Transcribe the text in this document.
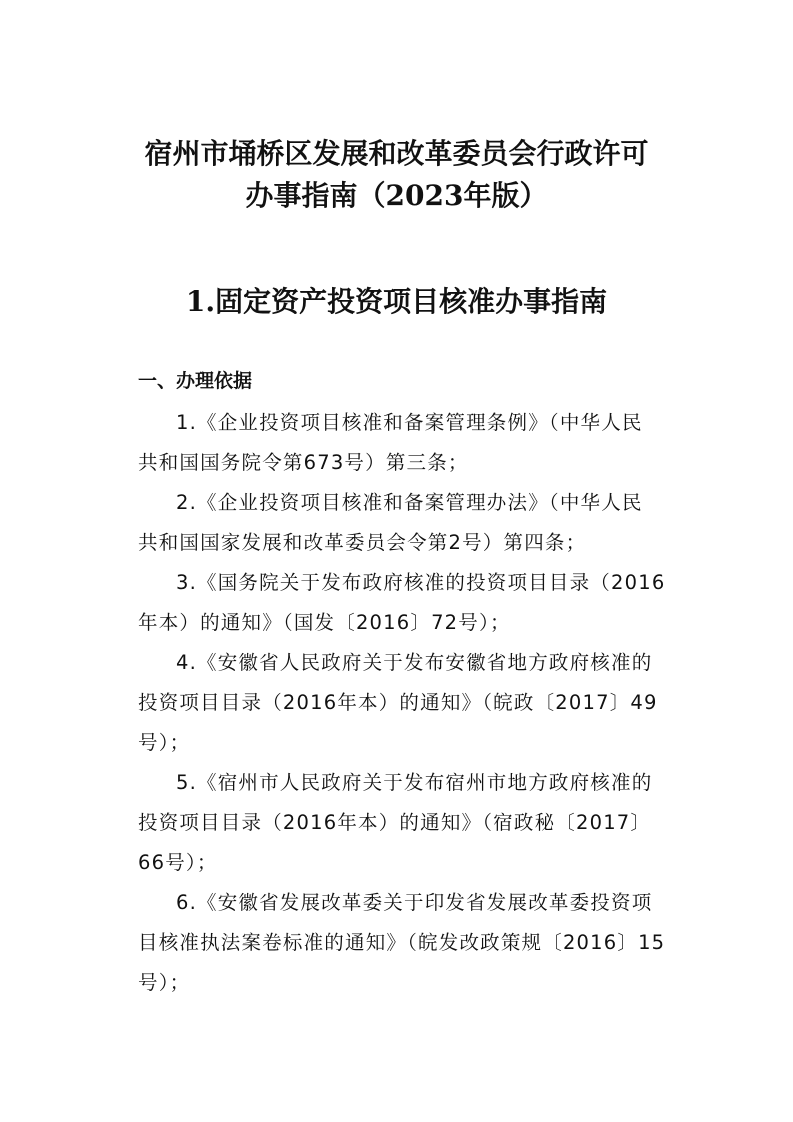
宿州市埇桥区发展和改革委员会行政许可
办事指南（2023年版）
1.固定资产投资项目核准办事指南
一、办理依据
1.《企业投资项目核准和备案管理条例》（中华人民
共和国国务院令第673号）第三条；
2.《企业投资项目核准和备案管理办法》（中华人民
共和国国家发展和改革委员会令第2号）第四条；
3.《国务院关于发布政府核准的投资项目目录（2016
年本）的通知》（国发〔2016〕72号）；
4.《安徽省人民政府关于发布安徽省地方政府核准的
投资项目目录（2016年本）的通知》（皖政〔2017〕49
号）；
5.《宿州市人民政府关于发布宿州市地方政府核准的
投资项目目录（2016年本）的通知》（宿政秘〔2017〕
66号）；
6.《安徽省发展改革委关于印发省发展改革委投资项
目核准执法案卷标准的通知》（皖发改政策规〔2016〕15
号）；
